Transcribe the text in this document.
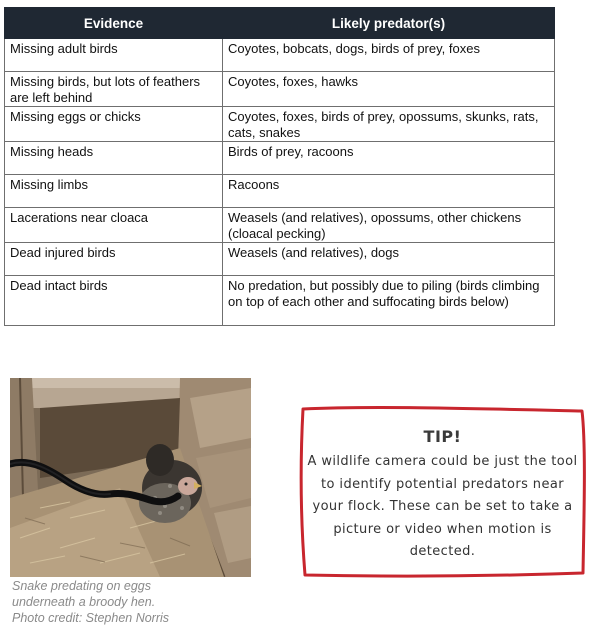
Evidence	Likely predator(s)
Missing adult birds	Coyotes, bobcats, dogs, birds of prey, foxes
Missing birds, but lots of feathers are left behind	Coyotes, foxes, hawks
Missing eggs or chicks	Coyotes, foxes, birds of prey, opossums, skunks, rats, cats, snakes
Missing heads	Birds of prey, racoons
Missing limbs	Racoons
Lacerations near cloaca	Weasels (and relatives), opossums, other chickens (cloacal pecking)
Dead injured birds	Weasels (and relatives), dogs
Dead intact birds	No predation, but possibly due to piling (birds climbing on top of each other and suffocating birds below)
Snake predating on eggs
underneath a broody hen.
Photo credit: Stephen Norris
TIP!
A wildlife camera could be just the tool to identify potential predators near your flock. These can be set to take a picture or video when motion is detected.
